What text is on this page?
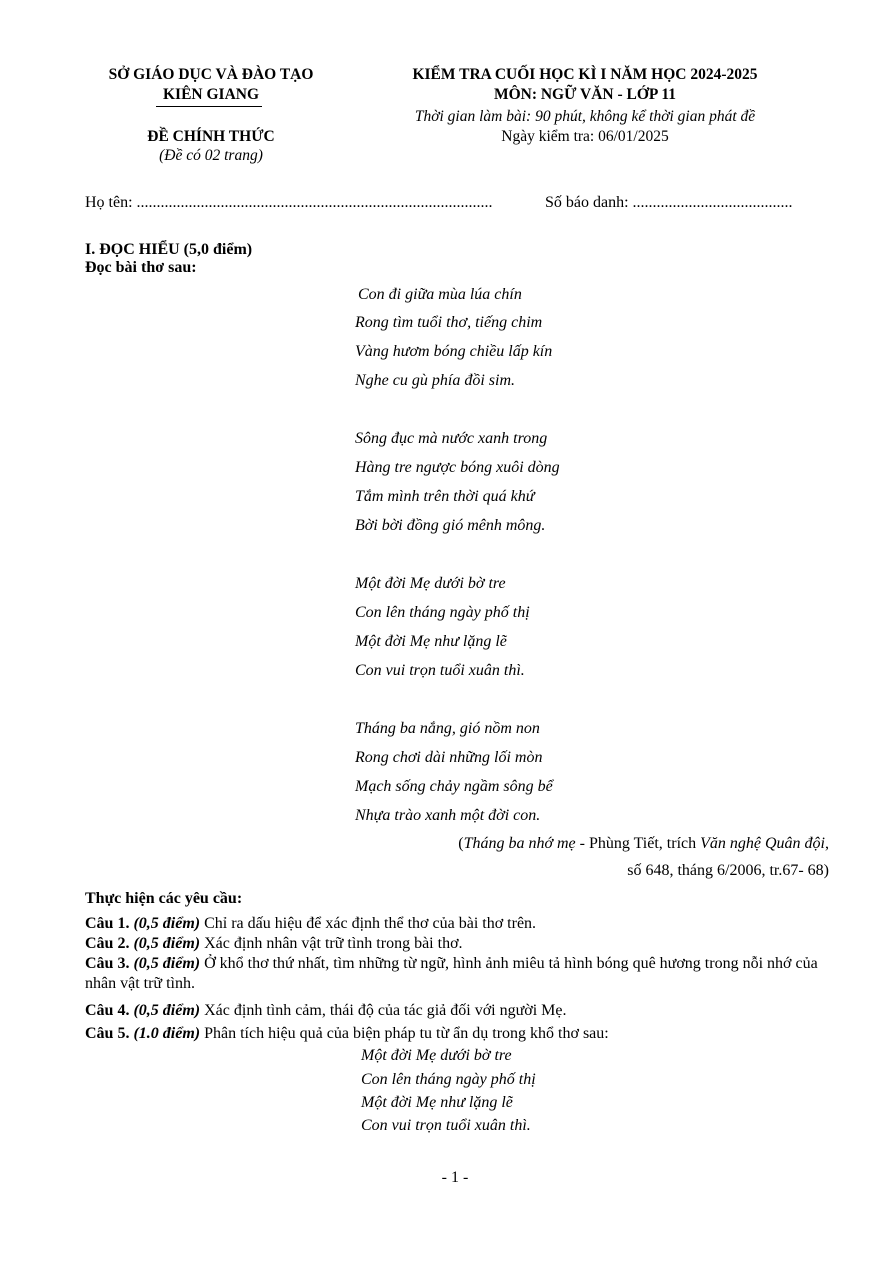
SỞ GIÁO DỤC VÀ ĐÀO TẠO
KIÊN GIANG
ĐỀ CHÍNH THỨC
(Đề có 02 trang)
KIỂM TRA CUỐI HỌC KÌ I NĂM HỌC 2024-2025
MÔN: NGỮ VĂN - LỚP 11
Thời gian làm bài: 90 phút, không kể thời gian phát đề
Ngày kiểm tra: 06/01/2025
Họ tên: .........................................................................................	Số báo danh: ........................................
I. ĐỌC HIỂU (5,0 điểm)
Đọc bài thơ sau:
Con đi giữa mùa lúa chín
Rong tìm tuổi thơ, tiếng chim
Vàng hươm bóng chiều lấp kín
Nghe cu gù phía đồi sim.
Sông đục mà nước xanh trong
Hàng tre ngược bóng xuôi dòng
Tắm mình trên thời quá khứ
Bời bời đồng gió mênh mông.
Một đời Mẹ dưới bờ tre
Con lên tháng ngày phố thị
Một đời Mẹ như lặng lẽ
Con vui trọn tuổi xuân thì.
Tháng ba nắng, gió nồm non
Rong chơi dài những lối mòn
Mạch sống chảy ngầm sông bể
Nhựa trào xanh một đời con.
(Tháng ba nhớ mẹ - Phùng Tiết, trích Văn nghệ Quân đội,
số 648, tháng 6/2006, tr.67- 68)
Thực hiện các yêu cầu:
Câu 1. (0,5 điểm) Chỉ ra dấu hiệu để xác định thể thơ của bài thơ trên.
Câu 2. (0,5 điểm) Xác định nhân vật trữ tình trong bài thơ.
Câu 3. (0,5 điểm) Ở khổ thơ thứ nhất, tìm những từ ngữ, hình ảnh miêu tả hình bóng quê hương trong nỗi nhớ của nhân vật trữ tình.
Câu 4. (0,5 điểm) Xác định tình cảm, thái độ của tác giả đối với người Mẹ.
Câu 5. (1.0 điểm) Phân tích hiệu quả của biện pháp tu từ ẩn dụ trong khổ thơ sau:
Một đời Mẹ dưới bờ tre
Con lên tháng ngày phố thị
Một đời Mẹ như lặng lẽ
Con vui trọn tuổi xuân thì.
- 1 -
